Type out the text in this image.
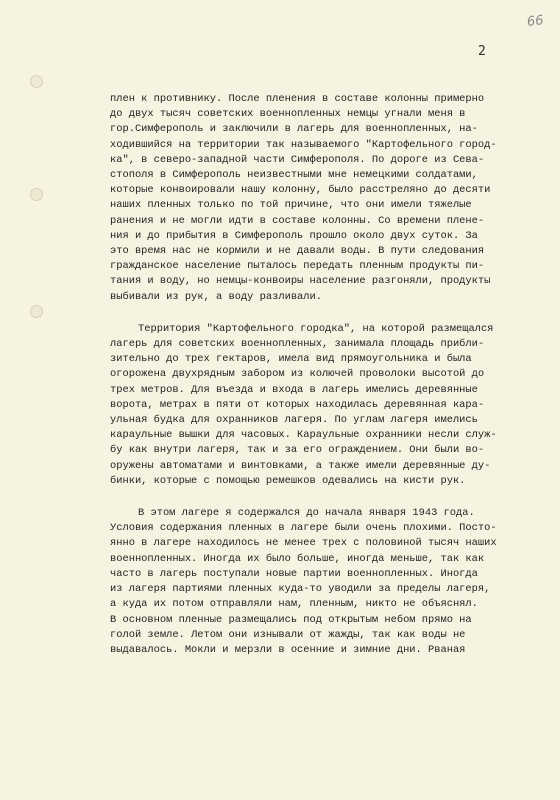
66
2
плен к противнику. После пленения в составе колонны примерно
до двух тысяч советских военнопленных немцы угнали меня в
гор.Симферополь и заключили в лагерь для военнопленных, на-
ходившийся на территории так называемого "Картофельного город-
ка", в северо-западной части Симферополя. По дороге из Сева-
стополя в Симферополь неизвестными мне немецкими солдатами,
которые конвоировали нашу колонну, было расстреляно до десяти
наших пленных только по той причине, что они имели тяжелые
ранения и не могли идти в составе колонны. Со времени плене-
ния и до прибытия в Симферополь прошло около двух суток. За
это время нас не кормили и не давали воды. В пути следования
гражданское население пыталось передать пленным продукты пи-
тания и воду, но немцы-конвоиры население разгоняли, продукты
выбивали из рук, а воду разливали.
Территория "Картофельного городка", на которой размещался
лагерь для советских военнопленных, занимала площадь прибли-
зительно до трех гектаров, имела вид прямоугольника и была
огорожена двухрядным забором из колючей проволоки высотой до
трех метров. Для въезда и входа в лагерь имелись деревянные
ворота, метрах в пяти от которых находилась деревянная кара-
ульная будка для охранников лагеря. По углам лагеря имелись
караульные вышки для часовых. Караульные охранники несли служ-
бу как внутри лагеря, так и за его ограждением. Они были во-
оружены автоматами и винтовками, а также имели деревянные ду-
бинки, которые с помощью ремешков одевались на кисти рук.
В этом лагере я содержался до начала января 1943 года.
Условия содержания пленных в лагере были очень плохими. Посто-
янно в лагере находилось не менее трех с половиной тысяч наших
военнопленных. Иногда их было больше, иногда меньше, так как
часто в лагерь поступали новые партии военнопленных. Иногда
из лагеря партиями пленных куда-то уводили за пределы лагеря,
а куда их потом отправляли нам, пленным, никто не объяснял.
В основном пленные размещались под открытым небом прямо на
голой земле. Летом они изнывали от жажды, так как воды не
выдавалось. Мокли и мерзли в осенние и зимние дни. Рваная
